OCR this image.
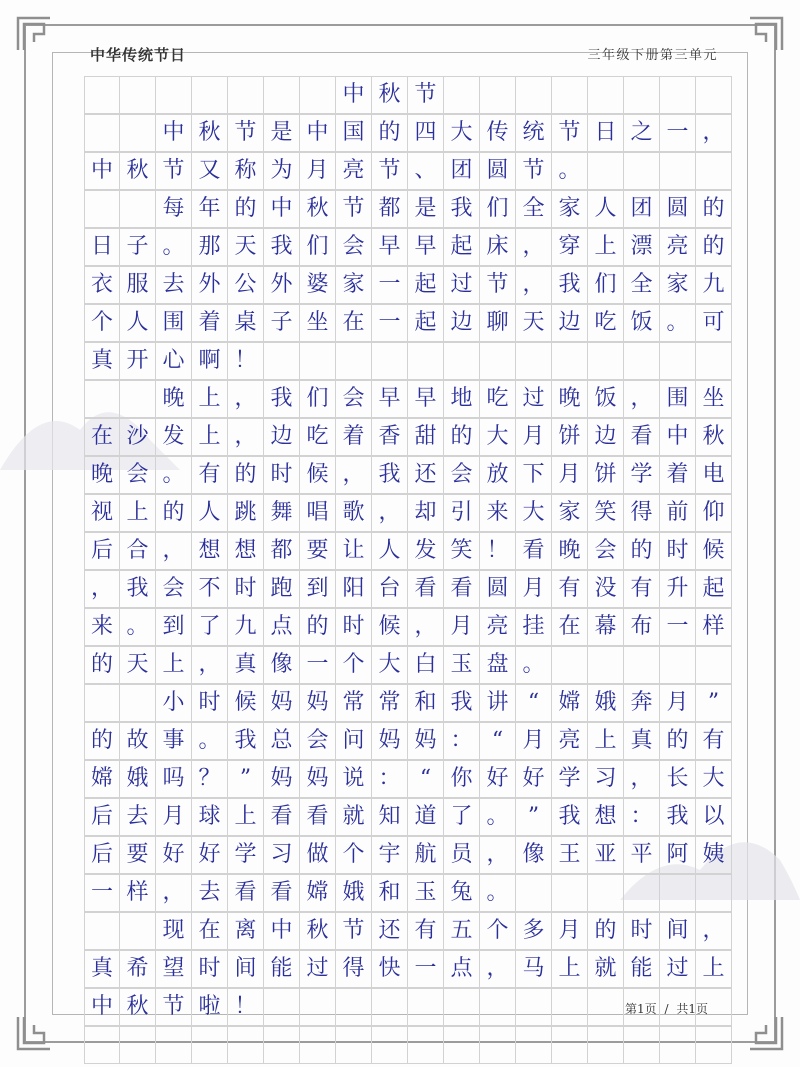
中华传统节日	三年级下册第三单元
中 秋 节
中 秋 节 是 中 国 的 四 大 传 统 节 日 之 一 ，
中 秋 节 又 称 为 月 亮 节 、 团 圆 节 。
每 年 的 中 秋 节 都 是 我 们 全 家 人 团 圆 的
日 子 。 那 天 我 们 会 早 早 起 床 ， 穿 上 漂 亮 的
衣 服 去 外 公 外 婆 家 一 起 过 节 ， 我 们 全 家 九
个 人 围 着 桌 子 坐 在 一 起 边 聊 天 边 吃 饭 。 可
真 开 心 啊 ！
晚 上 ， 我 们 会 早 早 地 吃 过 晚 饭 ， 围 坐
在 沙 发 上 ， 边 吃 着 香 甜 的 大 月 饼 边 看 中 秋
晚 会 。 有 的 时 候 ， 我 还 会 放 下 月 饼 学 着 电
视 上 的 人 跳 舞 唱 歌 ， 却 引 来 大 家 笑 得 前 仰
后 合 ， 想 想 都 要 让 人 发 笑 ！ 看 晚 会 的 时 候
， 我 会 不 时 跑 到 阳 台 看 看 圆 月 有 没 有 升 起
来 。 到 了 九 点 的 时 候 ， 月 亮 挂 在 幕 布 一 样
的 天 上 ， 真 像 一 个 大 白 玉 盘 。
小 时 候 妈 妈 常 常 和 我 讲 “ 嫦 娥 奔 月 ”
的 故 事 。 我 总 会 问 妈 妈 ： “ 月 亮 上 真 的 有
嫦 娥 吗 ？ ” 妈 妈 说 ： “ 你 好 好 学 习 ， 长 大
后 去 月 球 上 看 看 就 知 道 了 。 ” 我 想 ： 我 以
后 要 好 好 学 习 做 个 宇 航 员 ， 像 王 亚 平 阿 姨
一 样 ， 去 看 看 嫦 娥 和 玉 兔 。
现 在 离 中 秋 节 还 有 五 个 多 月 的 时 间 ，
真 希 望 时 间 能 过 得 快 一 点 ， 马 上 就 能 过 上
中 秋 节 啦 ！	第1页 / 共1页
